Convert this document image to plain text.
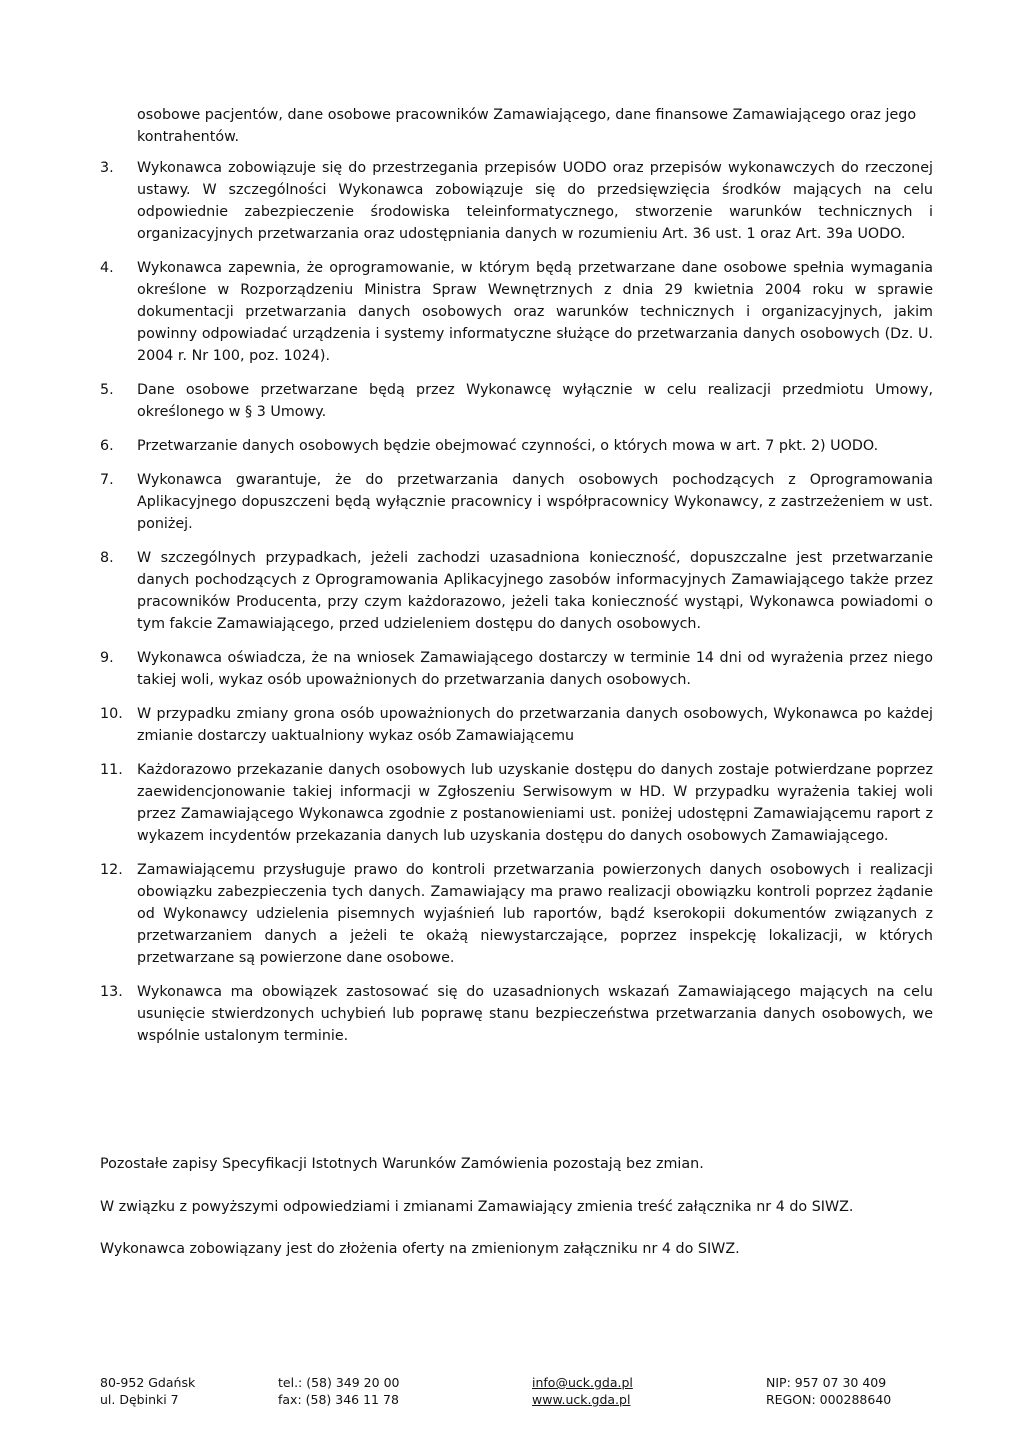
osobowe pacjentów, dane osobowe pracowników Zamawiającego, dane finansowe Zamawiającego oraz jego kontrahentów.

3.	Wykonawca zobowiązuje się do przestrzegania przepisów UODO oraz przepisów wykonawczych do rzeczonej ustawy. W szczególności Wykonawca zobowiązuje się do przedsięwzięcia środków mających na celu odpowiednie zabezpieczenie środowiska teleinformatycznego, stworzenie warunków technicznych i organizacyjnych przetwarzania oraz udostępniania danych w rozumieniu Art. 36 ust. 1 oraz Art. 39a UODO.
4.	Wykonawca zapewnia, że oprogramowanie, w którym będą przetwarzane dane osobowe spełnia wymagania określone w Rozporządzeniu Ministra Spraw Wewnętrznych z dnia 29 kwietnia 2004 roku w sprawie dokumentacji przetwarzania danych osobowych oraz warunków technicznych i organizacyjnych, jakim powinny odpowiadać urządzenia i systemy informatyczne służące do przetwarzania danych osobowych (Dz. U. 2004 r. Nr 100, poz. 1024).
5.	Dane osobowe przetwarzane będą przez Wykonawcę wyłącznie w celu realizacji przedmiotu Umowy, określonego w § 3 Umowy.
6.	Przetwarzanie danych osobowych będzie obejmować czynności, o których mowa w art. 7 pkt. 2) UODO.
7.	Wykonawca gwarantuje, że do przetwarzania danych osobowych pochodzących z Oprogramowania Aplikacyjnego dopuszczeni będą wyłącznie pracownicy i współpracownicy Wykonawcy, z zastrzeżeniem w ust. poniżej.
8.	W szczególnych przypadkach, jeżeli zachodzi uzasadniona konieczność, dopuszczalne jest przetwarzanie danych pochodzących z Oprogramowania Aplikacyjnego zasobów informacyjnych Zamawiającego także przez pracowników Producenta, przy czym każdorazowo, jeżeli taka konieczność wystąpi, Wykonawca powiadomi o tym fakcie Zamawiającego, przed udzieleniem dostępu do danych osobowych.
9.	Wykonawca oświadcza, że na wniosek Zamawiającego dostarczy w terminie 14 dni od wyrażenia przez niego takiej woli, wykaz osób upoważnionych do przetwarzania danych osobowych.
10. W przypadku zmiany grona osób upoważnionych do przetwarzania danych osobowych, Wykonawca po każdej zmianie dostarczy uaktualniony wykaz osób Zamawiającemu
11. Każdorazowo przekazanie danych osobowych lub uzyskanie dostępu do danych zostaje potwierdzane poprzez zaewidencjonowanie takiej informacji w Zgłoszeniu Serwisowym w HD. W przypadku wyrażenia takiej woli przez Zamawiającego Wykonawca zgodnie z postanowieniami ust. poniżej udostępni Zamawiającemu raport z wykazem incydentów przekazania danych lub uzyskania dostępu do danych osobowych Zamawiającego.
12. Zamawiającemu przysługuje prawo do kontroli przetwarzania powierzonych danych osobowych i realizacji obowiązku zabezpieczenia tych danych. Zamawiający ma prawo realizacji obowiązku kontroli poprzez żądanie od Wykonawcy udzielenia pisemnych wyjaśnień lub raportów, bądź kserokopii dokumentów związanych z przetwarzaniem danych a jeżeli te okażą niewystarczające, poprzez inspekcję lokalizacji, w których przetwarzane są powierzone dane osobowe.
13. Wykonawca ma obowiązek zastosować się do uzasadnionych wskazań Zamawiającego mających na celu usunięcie stwierdzonych uchybień lub poprawę stanu bezpieczeństwa przetwarzania danych osobowych, we wspólnie ustalonym terminie.

Pozostałe zapisy Specyfikacji Istotnych Warunków Zamówienia pozostają bez zmian.

W związku z powyższymi odpowiedziami i zmianami Zamawiający zmienia treść załącznika nr 4 do SIWZ.

Wykonawca zobowiązany jest do złożenia oferty na zmienionym załączniku nr 4 do SIWZ.

80-952 Gdańsk
ul. Dębinki 7
tel.: (58) 349 20 00
fax: (58) 346 11 78
info@uck.gda.pl
www.uck.gda.pl
NIP: 957 07 30 409
REGON: 000288640
